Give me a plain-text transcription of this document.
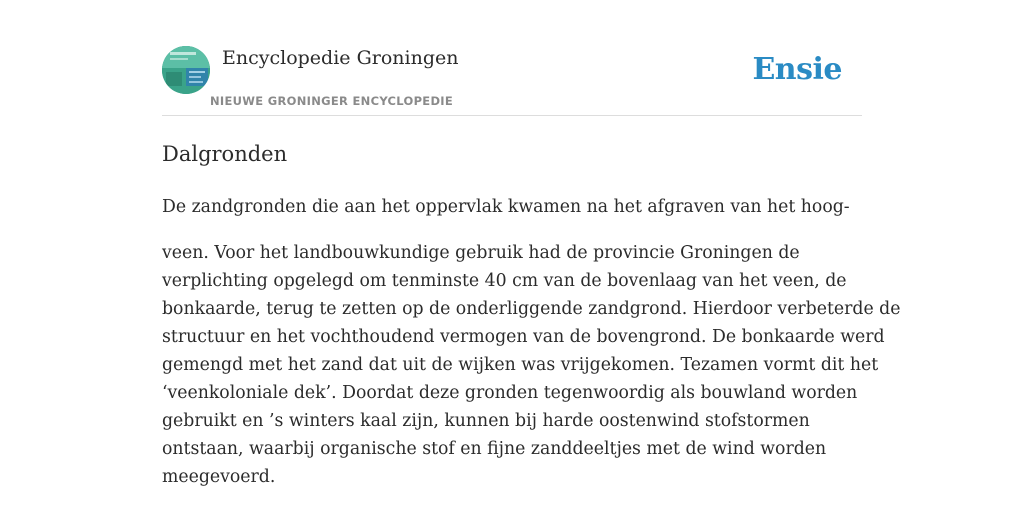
Encyclopedie Groningen
NIEUWE GRONINGER ENCYCLOPEDIE
Ensie
Dalgronden

De zandgronden die aan het oppervlak kwamen na het afgraven van het hoog-

veen. Voor het landbouwkundige gebruik had de provincie Groningen de
verplichting opgelegd om tenminste 40 cm van de bovenlaag van het veen, de
bonkaarde, terug te zetten op de onderliggende zandgrond. Hierdoor verbeterde de
structuur en het vochthoudend vermogen van de bovengrond. De bonkaarde werd
gemengd met het zand dat uit de wijken was vrijgekomen. Tezamen vormt dit het
‘veenkoloniale dek’. Doordat deze gronden tegenwoordig als bouwland worden
gebruikt en ’s winters kaal zijn, kunnen bij harde oostenwind stofstormen
ontstaan, waarbij organische stof en fijne zanddeeltjes met de wind worden
meegevoerd.
